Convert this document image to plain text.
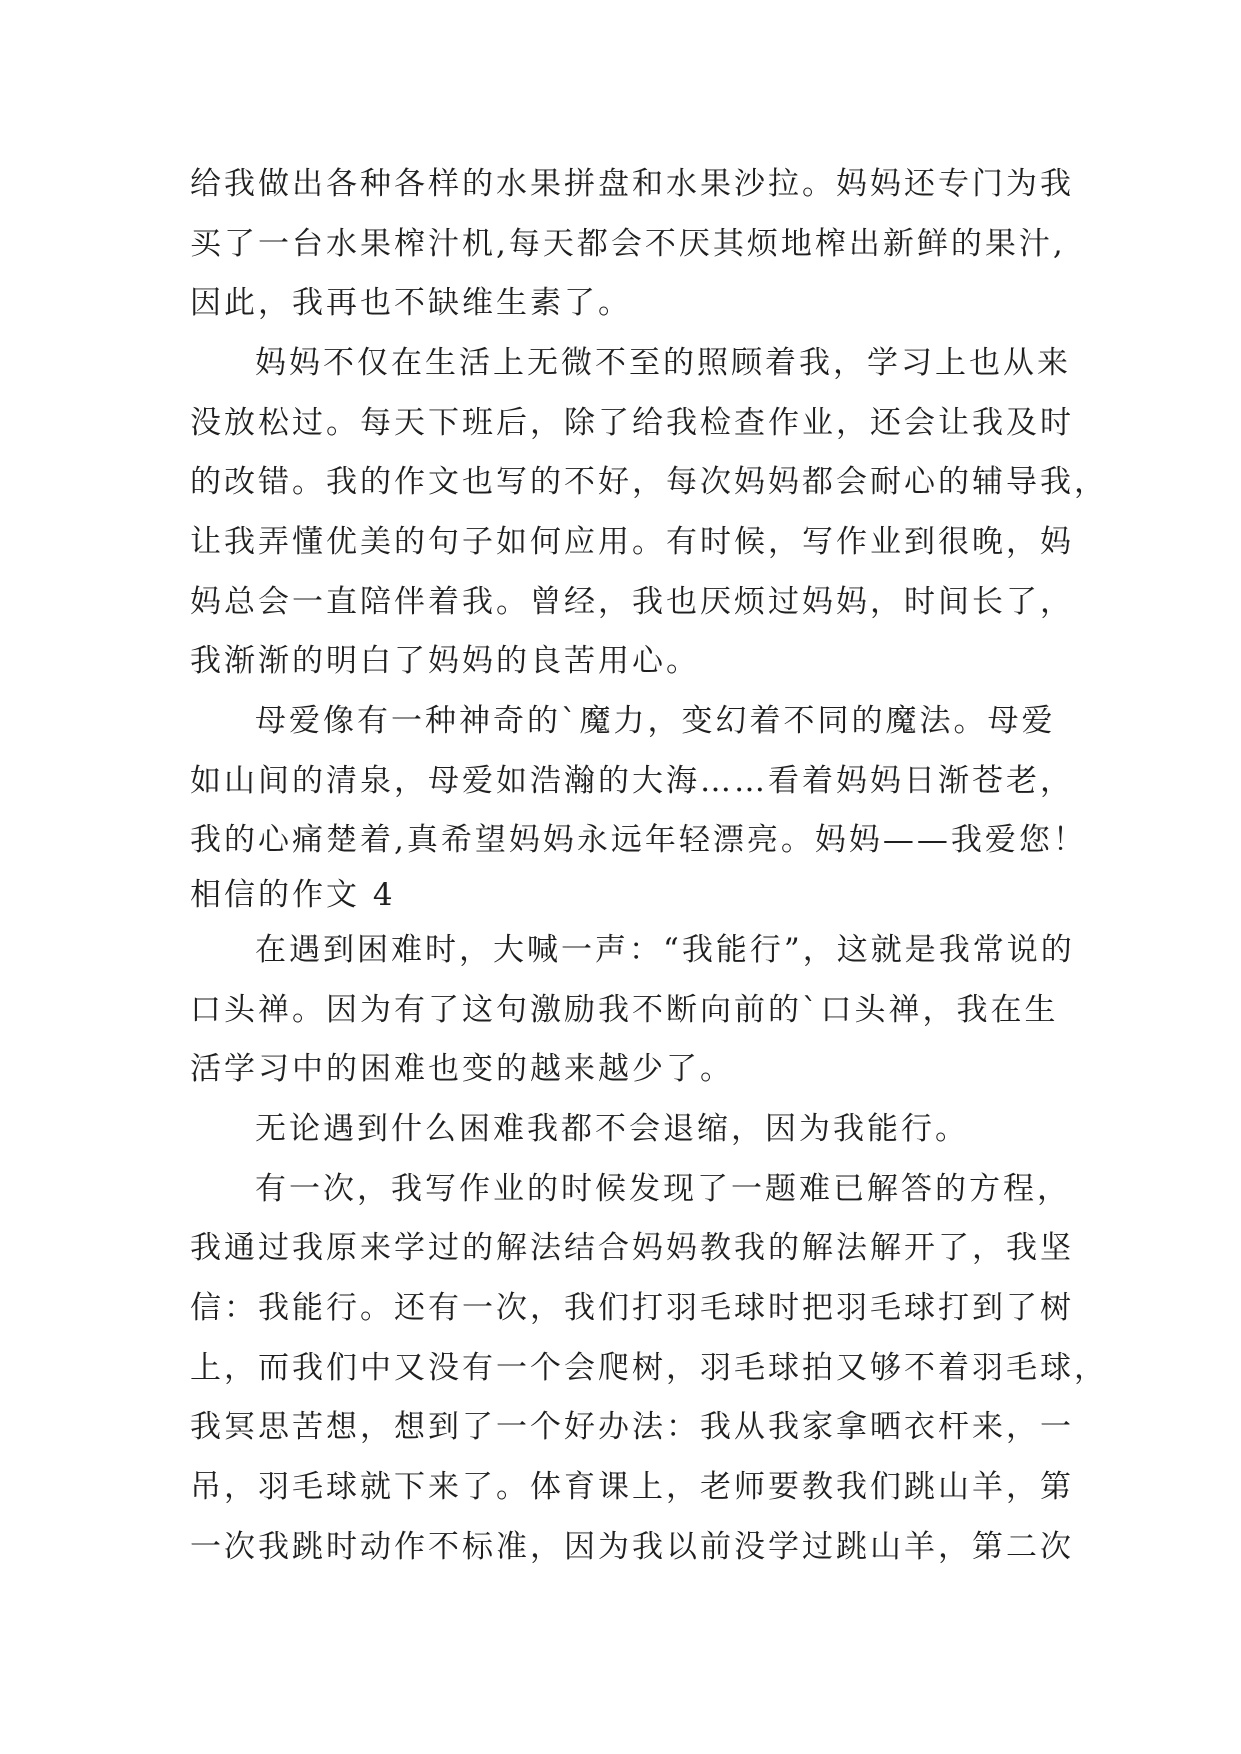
给我做出各种各样的水果拼盘和水果沙拉。妈妈还专门为我
买了一台水果榨汁机,每天都会不厌其烦地榨出新鲜的果汁,
因此，我再也不缺维生素了。
妈妈不仅在生活上无微不至的照顾着我，学习上也从来
没放松过。每天下班后，除了给我检查作业，还会让我及时
的改错。我的作文也写的不好，每次妈妈都会耐心的辅导我，
让我弄懂优美的句子如何应用。有时候，写作业到很晚，妈
妈总会一直陪伴着我。曾经，我也厌烦过妈妈，时间长了，
我渐渐的明白了妈妈的良苦用心。
母爱像有一种神奇的`魔力，变幻着不同的魔法。母爱
如山间的清泉，母爱如浩瀚的大海……看着妈妈日渐苍老，
我的心痛楚着,真希望妈妈永远年轻漂亮。妈妈——我爱您！
相信的作文 4
在遇到困难时，大喊一声：“我能行”，这就是我常说的
口头禅。因为有了这句激励我不断向前的`口头禅，我在生
活学习中的困难也变的越来越少了。
无论遇到什么困难我都不会退缩，因为我能行。
有一次，我写作业的时候发现了一题难已解答的方程，
我通过我原来学过的解法结合妈妈教我的解法解开了，我坚
信：我能行。还有一次，我们打羽毛球时把羽毛球打到了树
上，而我们中又没有一个会爬树，羽毛球拍又够不着羽毛球，
我冥思苦想，想到了一个好办法：我从我家拿晒衣杆来，一
吊，羽毛球就下来了。体育课上，老师要教我们跳山羊，第
一次我跳时动作不标准，因为我以前没学过跳山羊，第二次
